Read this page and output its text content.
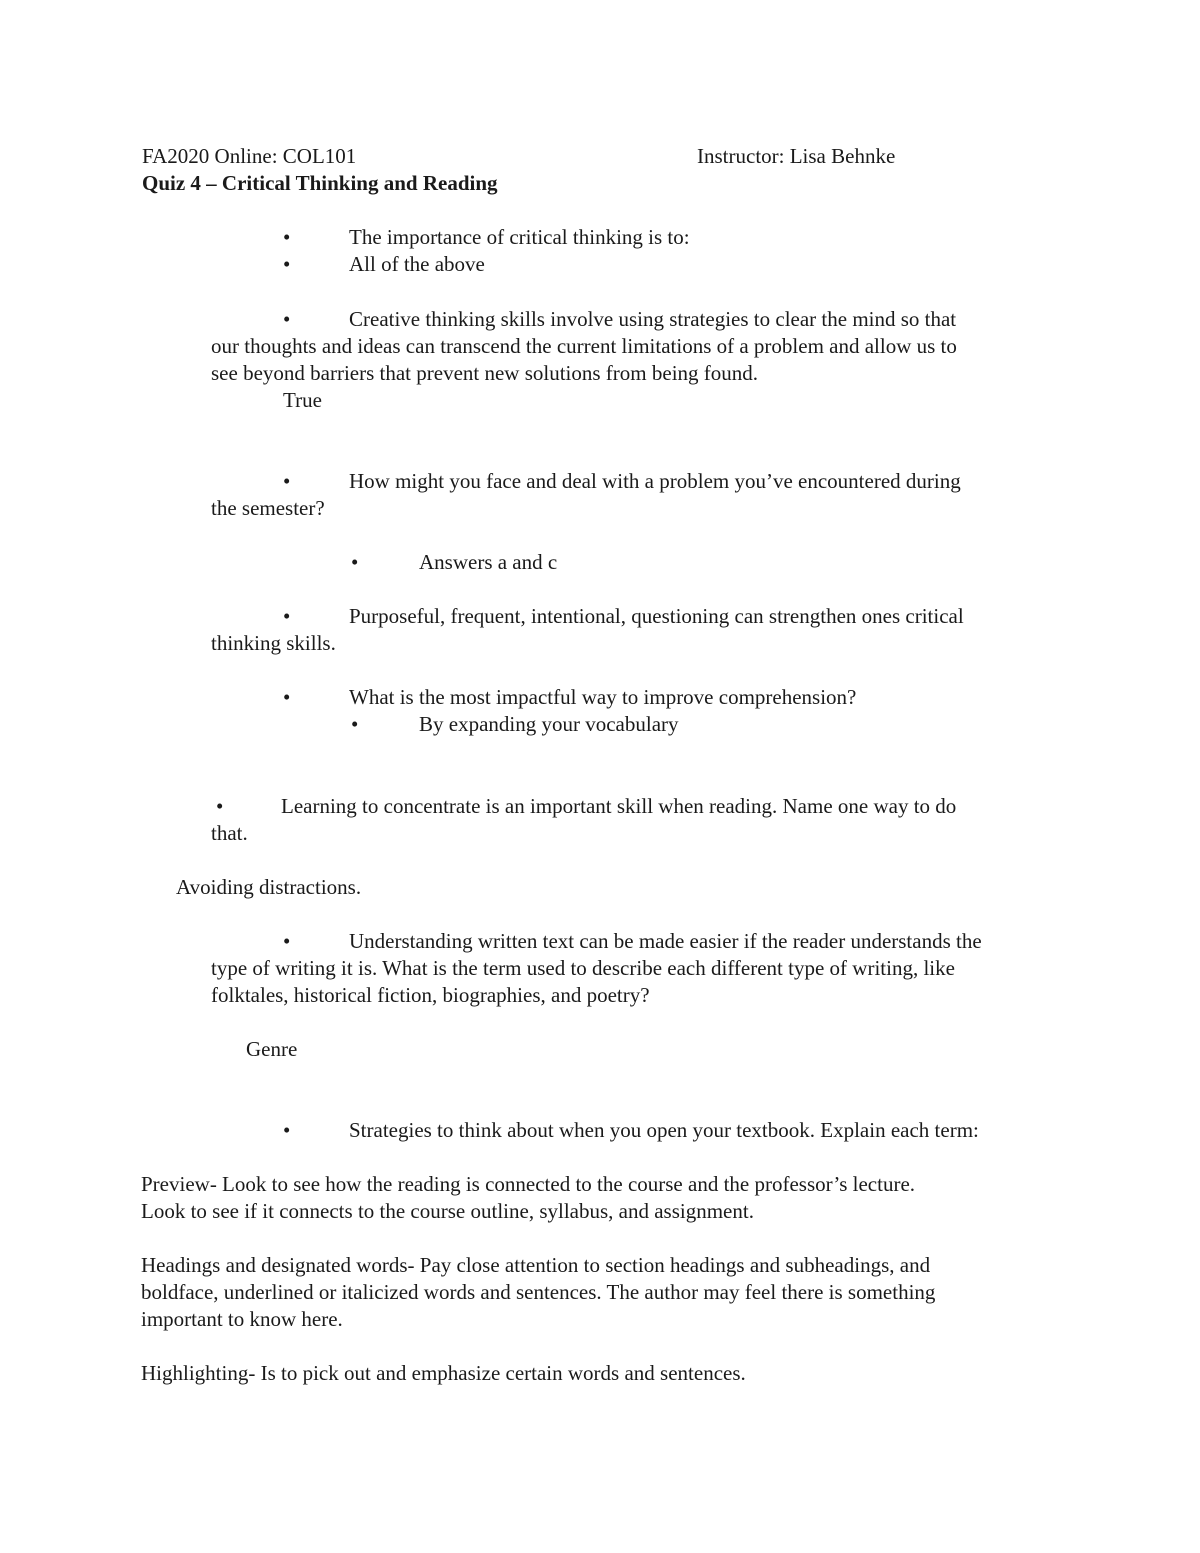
FA2020 Online: COL101	Instructor: Lisa Behnke
Quiz 4 – Critical Thinking and Reading
•	The importance of critical thinking is to:
•	All of the above
•	Creative thinking skills involve using strategies to clear the mind so that
our thoughts and ideas can transcend the current limitations of a problem and allow us to
see beyond barriers that prevent new solutions from being found.
True
•	How might you face and deal with a problem you’ve encountered during
the semester?
•	Answers a and c
•	Purposeful, frequent, intentional, questioning can strengthen ones critical
thinking skills.
•	What is the most impactful way to improve comprehension?
•	By expanding your vocabulary
•	Learning to concentrate is an important skill when reading. Name one way to do
that.
Avoiding distractions.
•	Understanding written text can be made easier if the reader understands the
type of writing it is. What is the term used to describe each different type of writing, like
folktales, historical fiction, biographies, and poetry?
Genre
•	Strategies to think about when you open your textbook. Explain each term:
Preview- Look to see how the reading is connected to the course and the professor’s lecture.
Look to see if it connects to the course outline, syllabus, and assignment.
Headings and designated words- Pay close attention to section headings and subheadings, and
boldface, underlined or italicized words and sentences. The author may feel there is something
important to know here.
Highlighting- Is to pick out and emphasize certain words and sentences.
